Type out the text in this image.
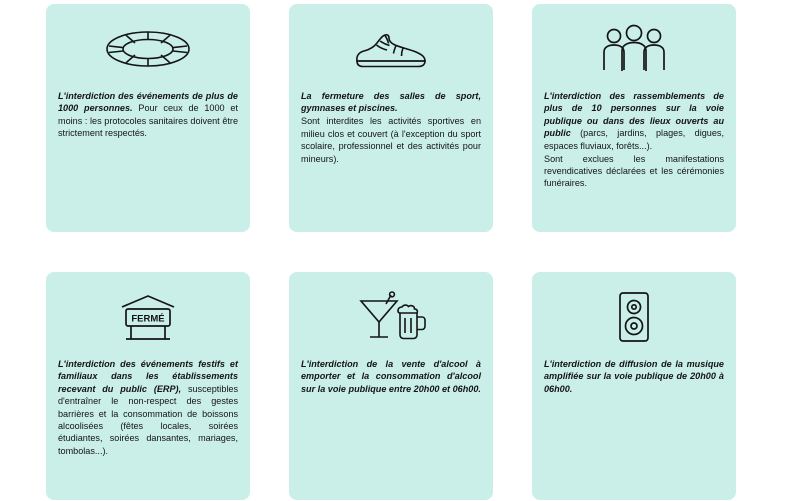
L'interdiction des événements de plus de 1000 personnes. Pour ceux de 1000 et moins : les protocoles sanitaires doivent être strictement respectés.

La fermeture des salles de sport, gymnases et piscines.

Sont interdites les activités sportives en milieu clos et couvert (à l'exception du sport scolaire, professionnel et des activités pour mineurs).

L'interdiction des rassemblements de plus de 10 personnes sur la voie publique ou dans des lieux ouverts au public (parcs, jardins, plages, digues, espaces fluviaux, forêts...).

Sont exclues les manifestations revendicatives déclarées et les cérémonies funéraires.

FERMÉ

L'interdiction des événements festifs et familiaux dans les établissements recevant du public (ERP), susceptibles d'entraîner le non-respect des gestes barrières et la consommation de boissons alcoolisées (fêtes locales, soirées étudiantes, soirées dansantes, mariages, tombolas...).

L'interdiction de la vente d'alcool à emporter et la consommation d'alcool sur la voie publique entre 20h00 et 06h00.

L'interdiction de diffusion de la musique amplifiée sur la voie publique de 20h00 à 06h00.
